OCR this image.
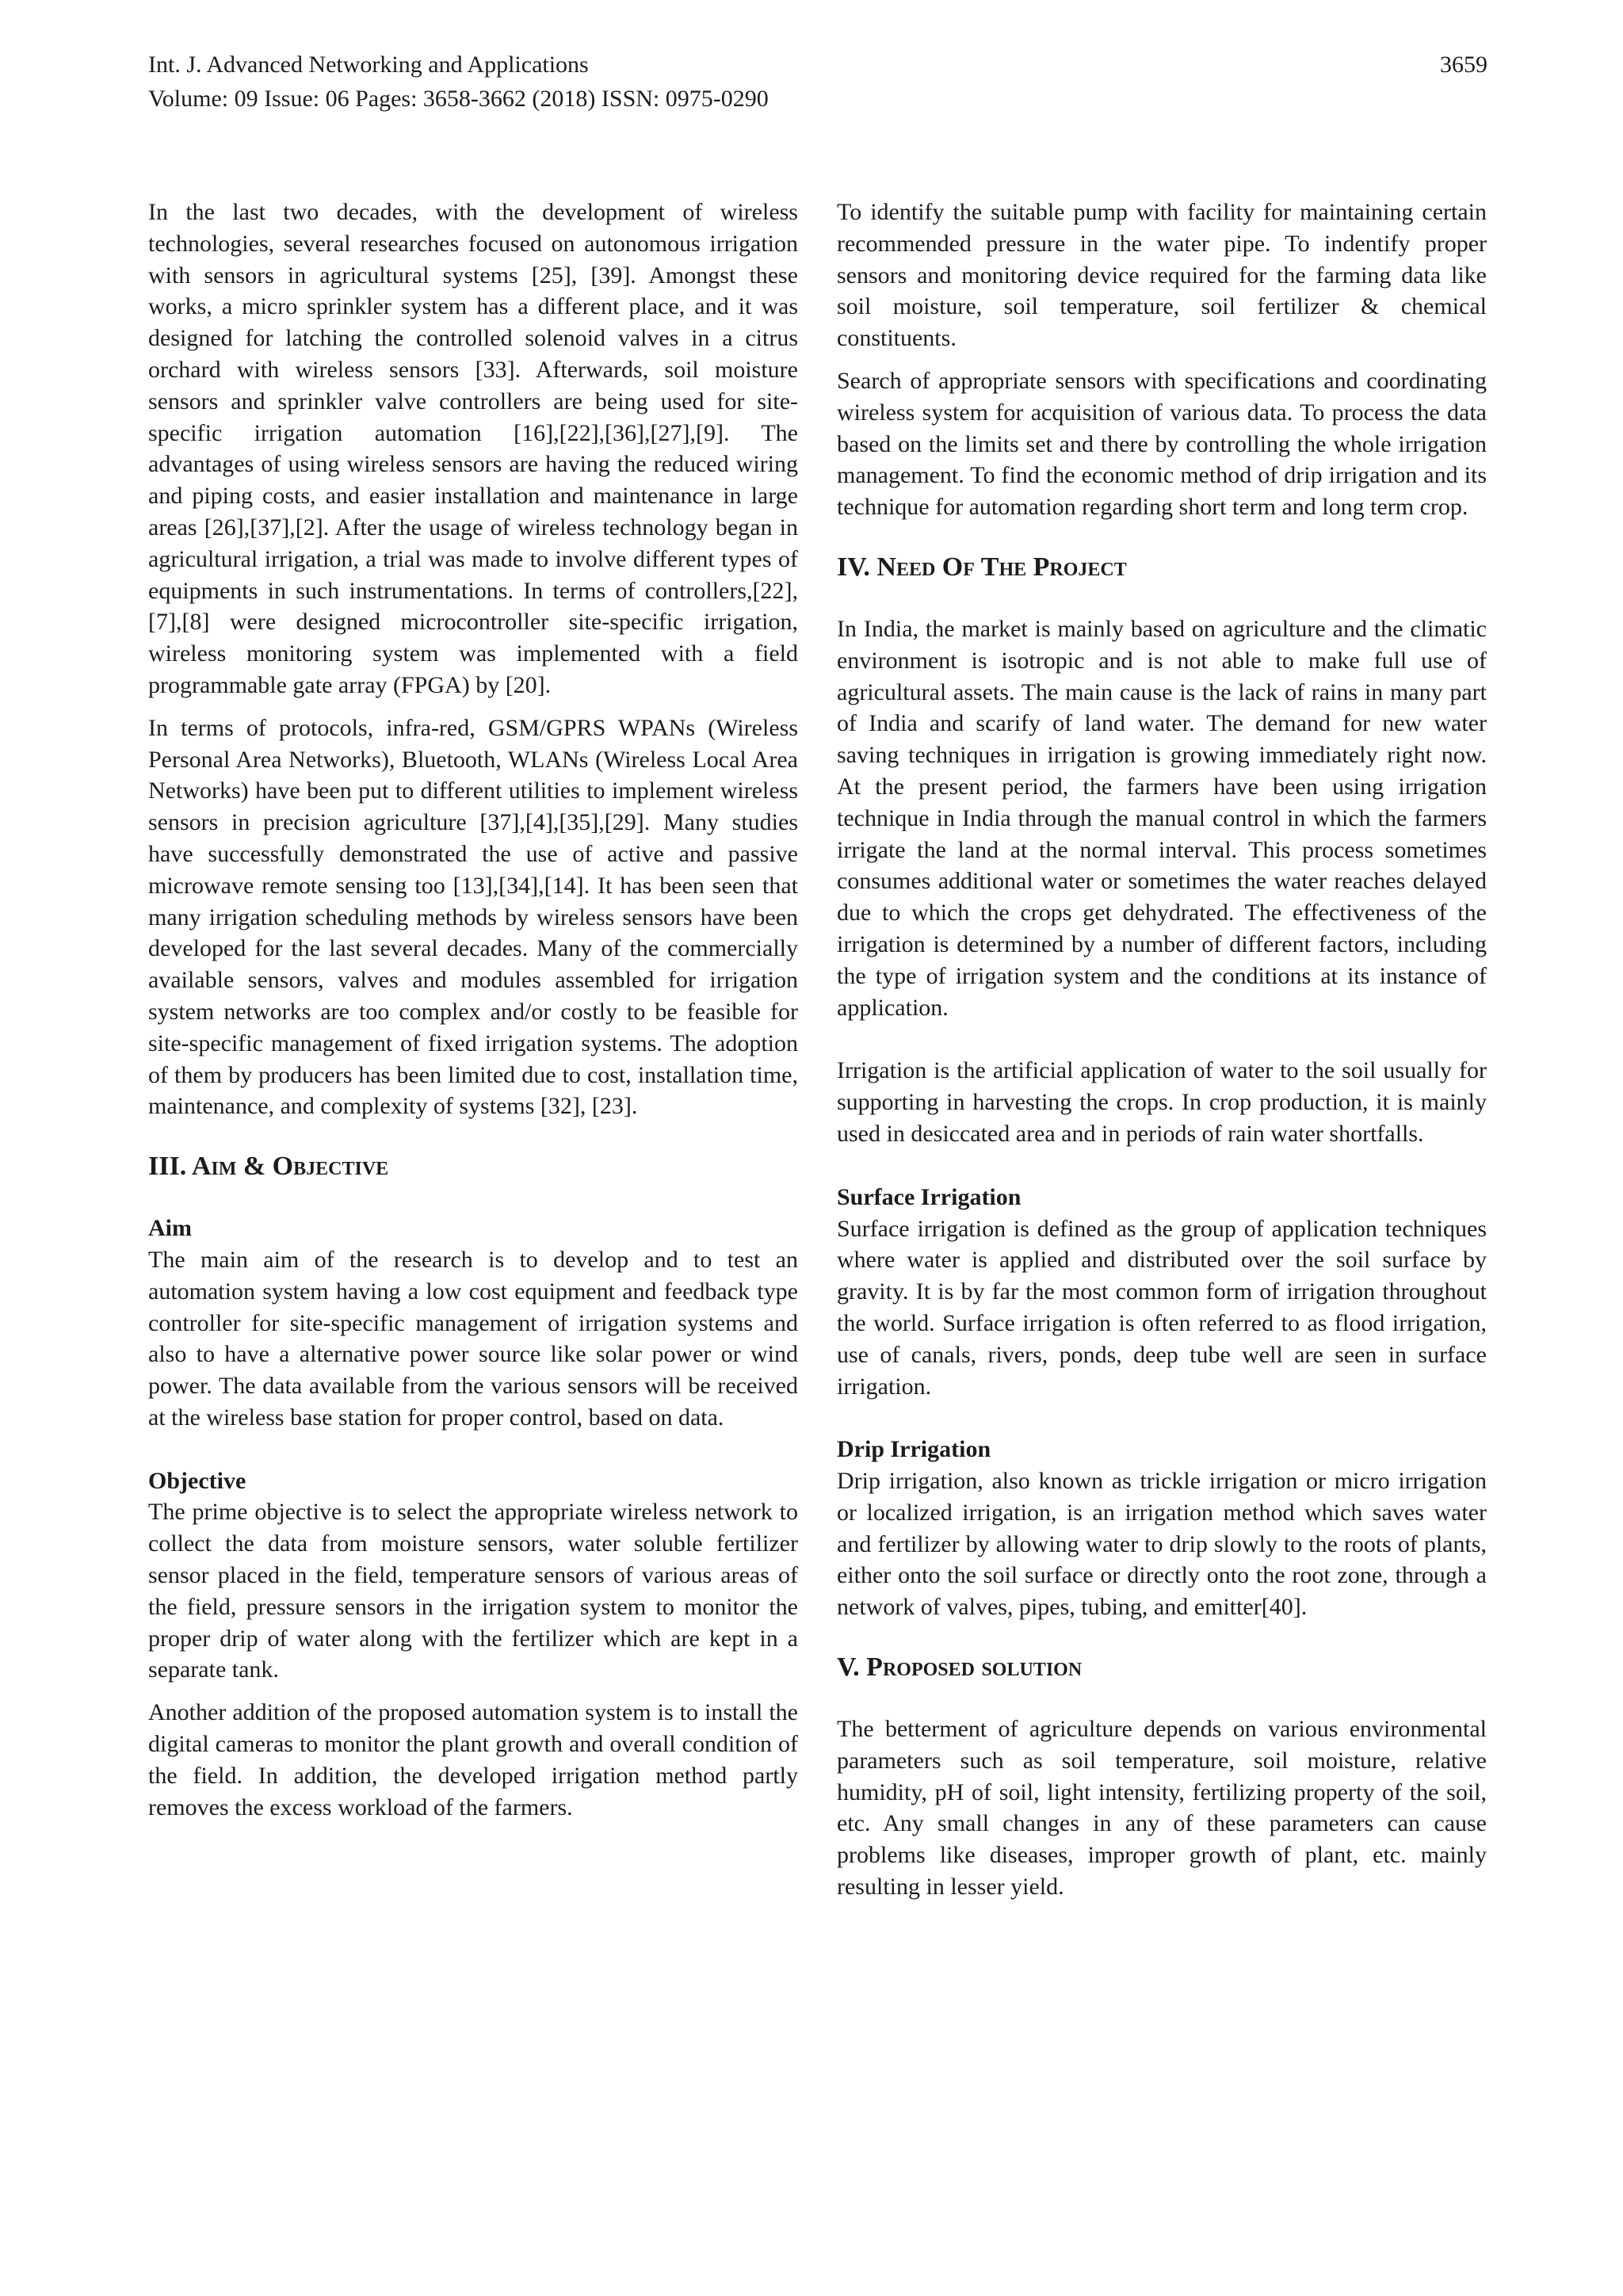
Int. J. Advanced Networking and Applications
Volume: 09 Issue: 06 Pages: 3658-3662 (2018) ISSN: 0975-0290
3659

In the last two decades, with the development of wireless technologies, several researches focused on autonomous irrigation with sensors in agricultural systems [25], [39]. Amongst these works, a micro sprinkler system has a different place, and it was designed for latching the controlled solenoid valves in a citrus orchard with wireless sensors [33]. Afterwards, soil moisture sensors and sprinkler valve controllers are being used for site-specific irrigation automation [16],[22],[36],[27],[9]. The advantages of using wireless sensors are having the reduced wiring and piping costs, and easier installation and maintenance in large areas [26],[37],[2]. After the usage of wireless technology began in agricultural irrigation, a trial was made to involve different types of equipments in such instrumentations. In terms of controllers,[22],[7],[8] were designed microcontroller site-specific irrigation, wireless monitoring system was implemented with a field programmable gate array (FPGA) by [20].

In terms of protocols, infra-red, GSM/GPRS WPANs (Wireless Personal Area Networks), Bluetooth, WLANs (Wireless Local Area Networks) have been put to different utilities to implement wireless sensors in precision agriculture [37],[4],[35],[29]. Many studies have successfully demonstrated the use of active and passive microwave remote sensing too [13],[34],[14]. It has been seen that many irrigation scheduling methods by wireless sensors have been developed for the last several decades. Many of the commercially available sensors, valves and modules assembled for irrigation system networks are too complex and/or costly to be feasible for site-specific management of fixed irrigation systems. The adoption of them by producers has been limited due to cost, installation time, maintenance, and complexity of systems [32], [23].

III. Aim & Objective
Aim

The main aim of the research is to develop and to test an automation system having a low cost equipment and feedback type controller for site-specific management of irrigation systems and also to have a alternative power source like solar power or wind power. The data available from the various sensors will be received at the wireless base station for proper control, based on data.

Objective

The prime objective is to select the appropriate wireless network to collect the data from moisture sensors, water soluble fertilizer sensor placed in the field, temperature sensors of various areas of the field, pressure sensors in the irrigation system to monitor the proper drip of water along with the fertilizer which are kept in a separate tank.

Another addition of the proposed automation system is to install the digital cameras to monitor the plant growth and overall condition of the field. In addition, the developed irrigation method partly removes the excess workload of the farmers.

To identify the suitable pump with facility for maintaining certain recommended pressure in the water pipe. To indentify proper sensors and monitoring device required for the farming data like soil moisture, soil temperature, soil fertilizer & chemical constituents.

Search of appropriate sensors with specifications and coordinating wireless system for acquisition of various data. To process the data based on the limits set and there by controlling the whole irrigation management. To find the economic method of drip irrigation and its technique for automation regarding short term and long term crop.

IV. Need Of The Project

In India, the market is mainly based on agriculture and the climatic environment is isotropic and is not able to make full use of agricultural assets. The main cause is the lack of rains in many part of India and scarify of land water. The demand for new water saving techniques in irrigation is growing immediately right now. At the present period, the farmers have been using irrigation technique in India through the manual control in which the farmers irrigate the land at the normal interval. This process sometimes consumes additional water or sometimes the water reaches delayed due to which the crops get dehydrated. The effectiveness of the irrigation is determined by a number of different factors, including the type of irrigation system and the conditions at its instance of application.

Irrigation is the artificial application of water to the soil usually for supporting in harvesting the crops. In crop production, it is mainly used in desiccated area and in periods of rain water shortfalls.

Surface Irrigation

Surface irrigation is defined as the group of application techniques where water is applied and distributed over the soil surface by gravity. It is by far the most common form of irrigation throughout the world. Surface irrigation is often referred to as flood irrigation, use of canals, rivers, ponds, deep tube well are seen in surface irrigation.

Drip Irrigation

Drip irrigation, also known as trickle irrigation or micro irrigation or localized irrigation, is an irrigation method which saves water and fertilizer by allowing water to drip slowly to the roots of plants, either onto the soil surface or directly onto the root zone, through a network of valves, pipes, tubing, and emitter[40].

V. Proposed solution

The betterment of agriculture depends on various environmental parameters such as soil temperature, soil moisture, relative humidity, pH of soil, light intensity, fertilizing property of the soil, etc. Any small changes in any of these parameters can cause problems like diseases, improper growth of plant, etc. mainly resulting in lesser yield.
